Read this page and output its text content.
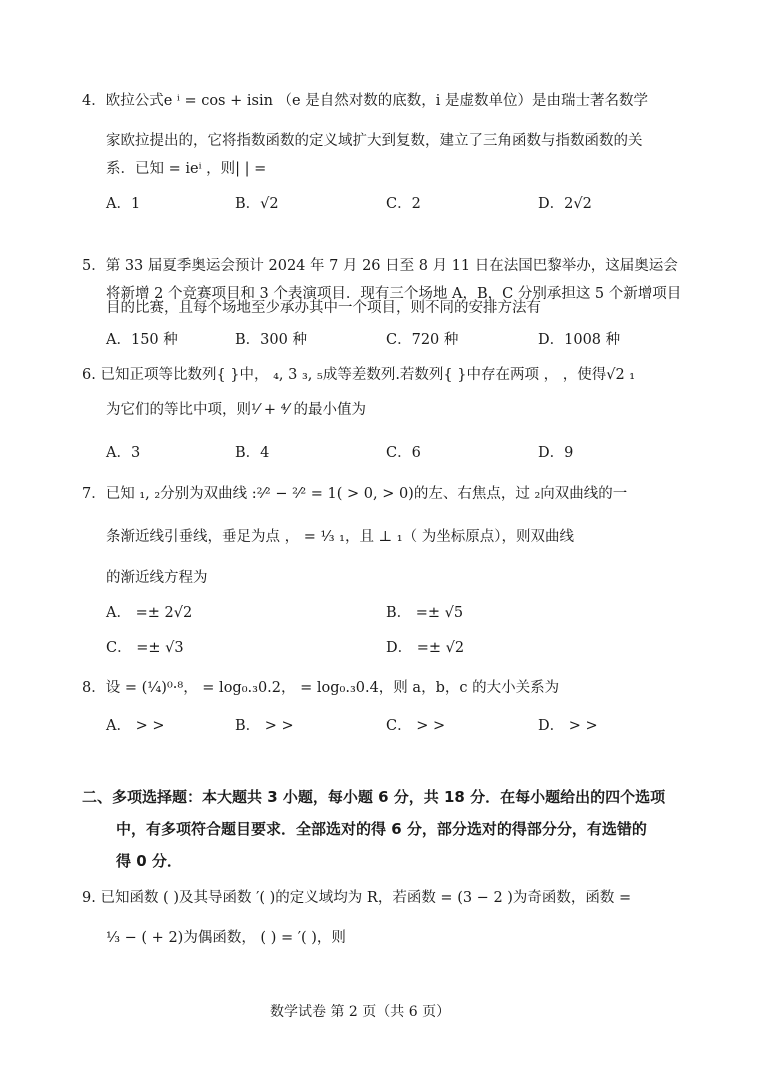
4．欧拉公式e ⁱ = cos + isin （e 是自然对数的底数，i 是虚数单位）是由瑞士著名数学
家欧拉提出的，它将指数函数的定义域扩大到复数，建立了三角函数与指数函数的关
系．已知 = ieⁱ ，则| | =
A．1	B．√2	C．2	D．2√2
5．第 33 届夏季奥运会预计 2024 年 7 月 26 日至 8 月 11 日在法国巴黎举办，这届奥运会
将新增 2 个竞赛项目和 3 个表演项目．现有三个场地 A，B，C 分别承担这 5 个新增项目
目的比赛，且每个场地至少承办其中一个项目，则不同的安排方法有
A．150 种	B．300 种	C．720 种	D．1008 种
6. 已知正项等比数列{ }中， ₄, 3 ₃, ₅成等差数列.若数列{ }中存在两项 ， ，使得√2 ₁
为它们的等比中项，则¹⁄ + ⁴⁄ 的最小值为
A．3	B．4	C．6	D．9
7．已知 ₁, ₂分别为双曲线 :²⁄² − ²⁄² = 1( > 0, > 0)的左、右焦点，过 ₂向双曲线的一
条渐近线引垂线，垂足为点 ， = ¹⁄₃ ₁，且 ⊥ ₁（ 为坐标原点），则双曲线
的渐近线方程为
A． =± 2√2	B． =± √5
C． =± √3	D． =± √2
8．设 = (¹⁄₄)⁰·⁸， = log₀.₃0.2， = log₀.₃0.4，则 a，b，c 的大小关系为
A． > >	B． > >	C． > >	D． > >
二、多项选择题：本大题共 3 小题，每小题 6 分，共 18 分．在每小题给出的四个选项
中，有多项符合题目要求．全部选对的得 6 分，部分选对的得部分分，有选错的
得 0 分．
9. 已知函数 ( )及其导函数 ′( )的定义域均为 R，若函数 = (3 − 2 )为奇函数，函数 =
¹⁄₃ − ( + 2)为偶函数， ( ) = ′( )，则
数学试卷 第 2 页（共 6 页）
